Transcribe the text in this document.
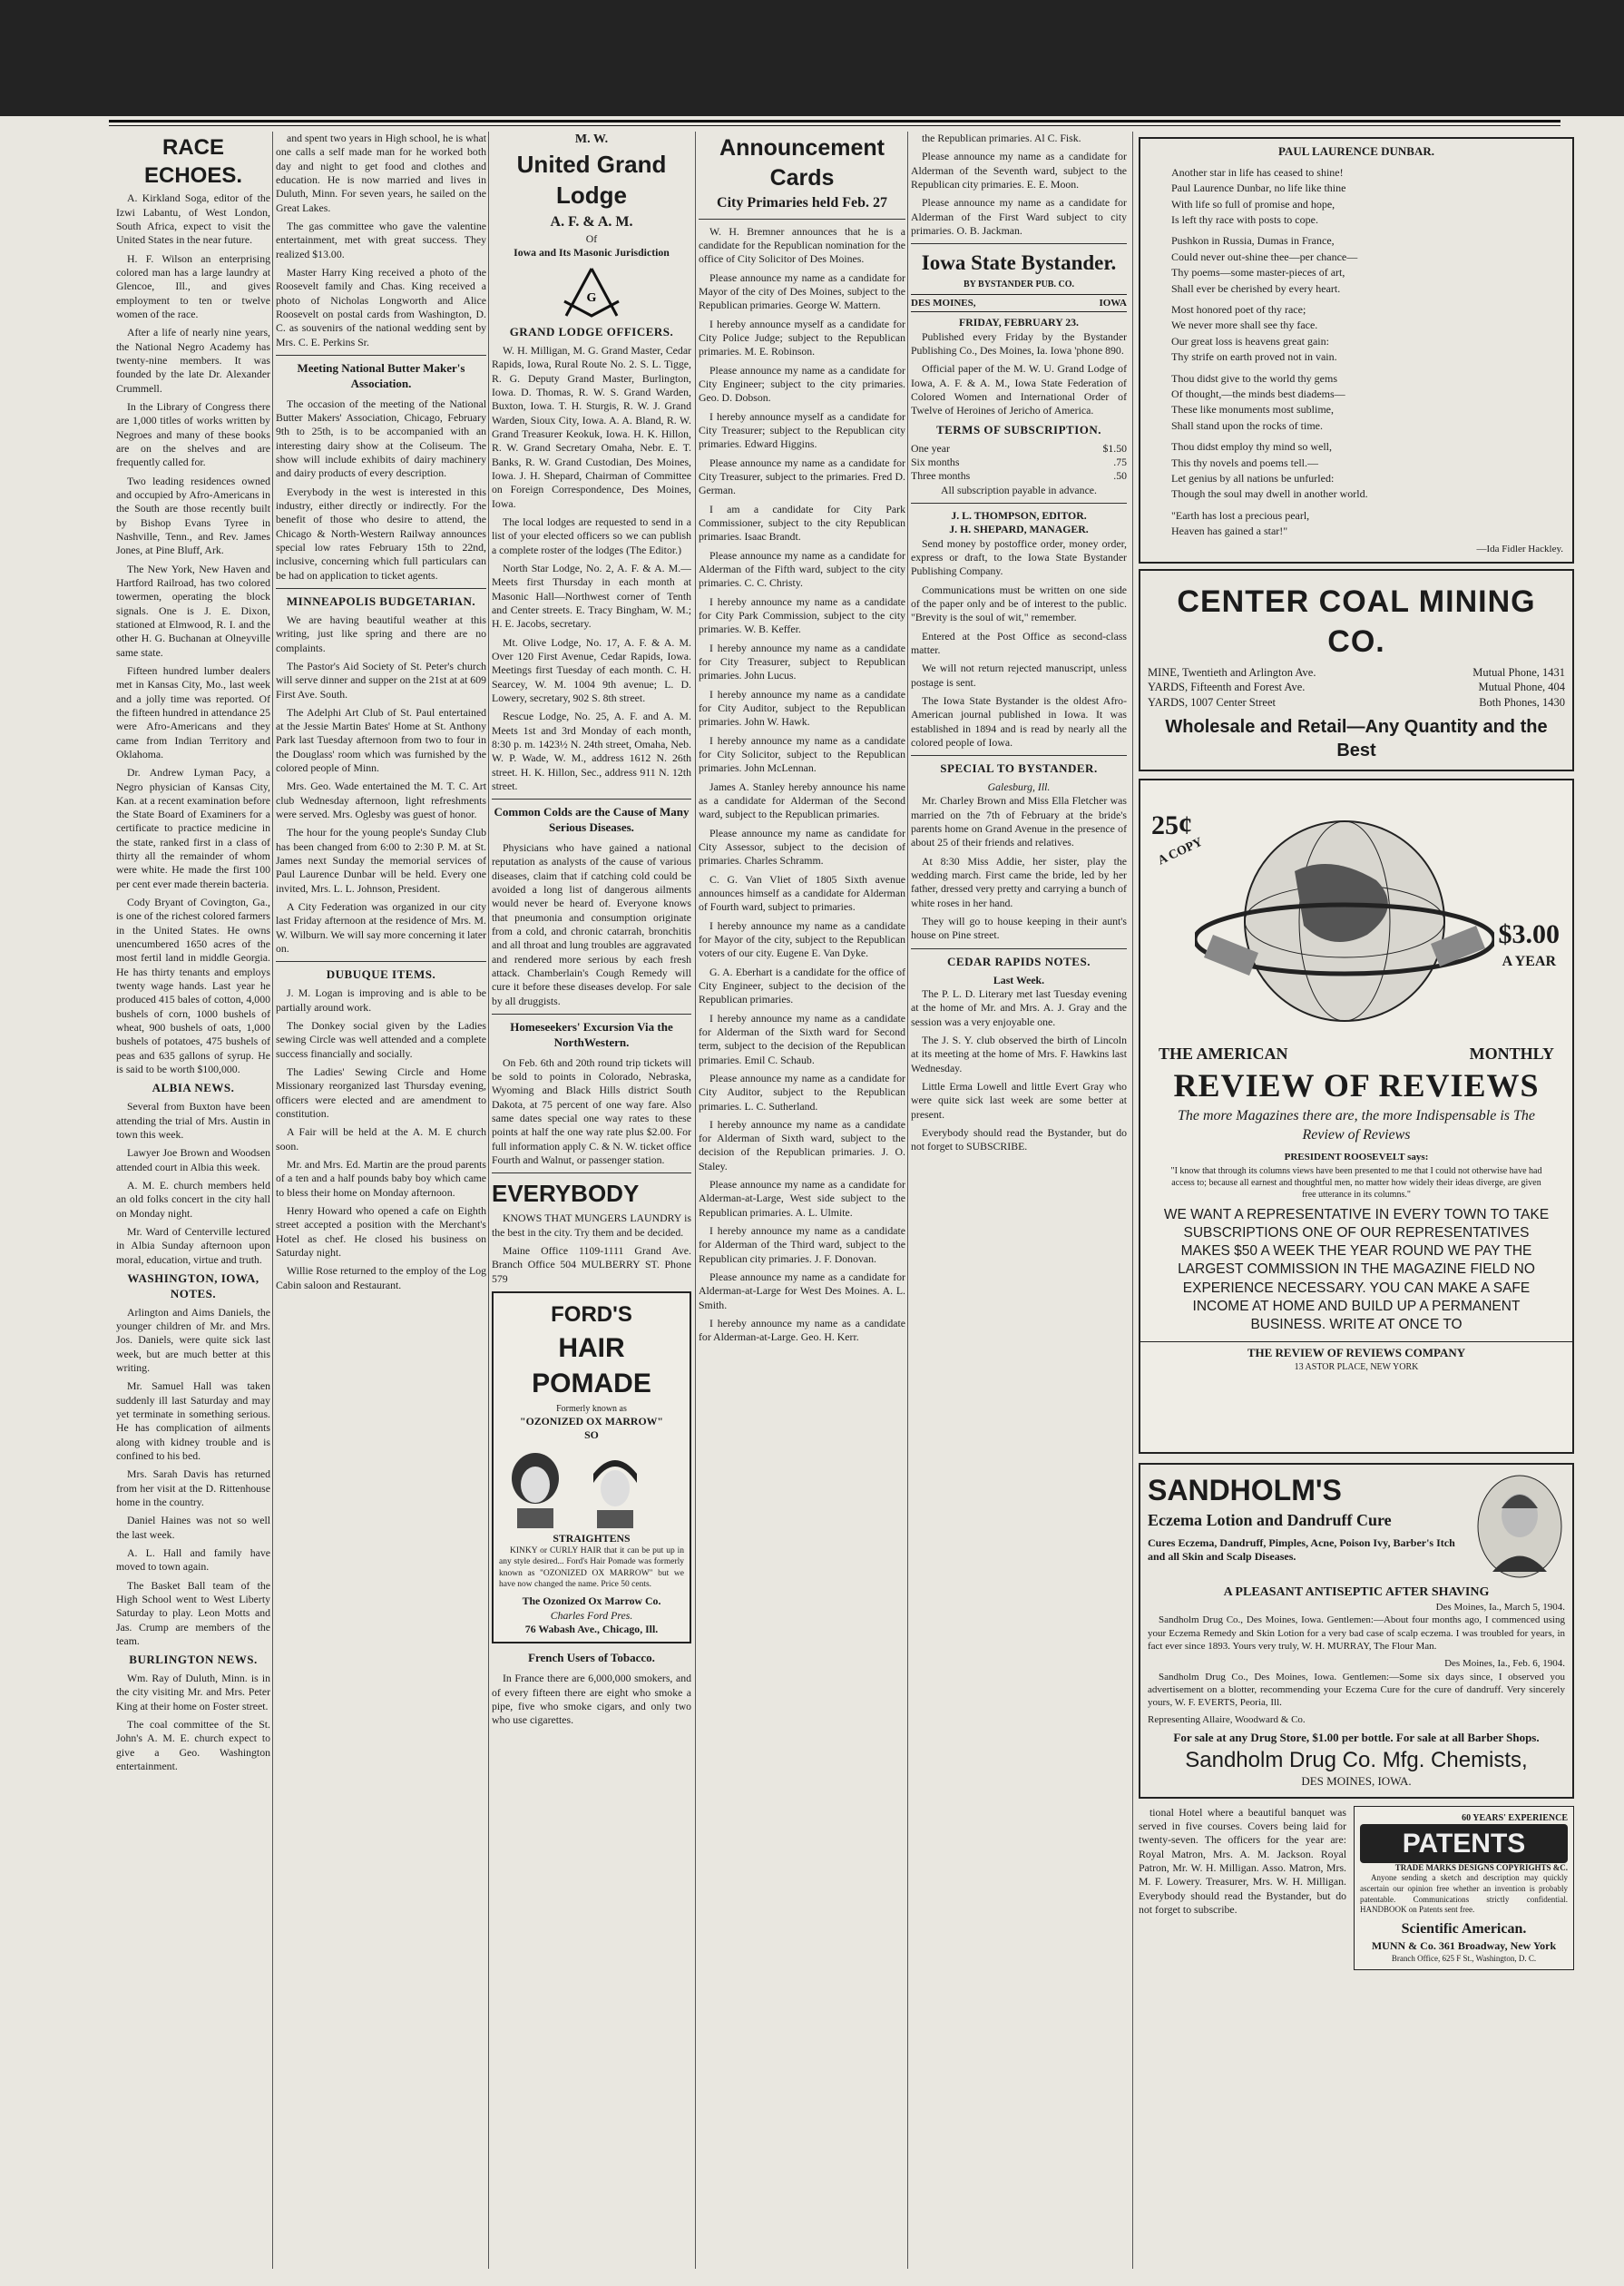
RACE ECHOES.

A. Kirkland Soga, editor of the Izwi Labantu, of West London, South Africa, expect to visit the United States in the near future.

H. F. Wilson an enterprising colored man has a large laundry at Glencoe, Ill., and gives employment to ten or twelve women of the race.

After a life of nearly nine years, the National Negro Academy has twenty-nine members. It was founded by the late Dr. Alexander Crummell.

In the Library of Congress there are 1,000 titles of works written by Negroes and many of these books are on the shelves and are frequently called for.

Two leading residences owned and occupied by Afro-Americans in the South are those recently built by Bishop Evans Tyree in Nashville, Tenn., and Rev. James Jones, at Pine Bluff, Ark.

The New York, New Haven and Hartford Railroad, has two colored towermen, operating the block signals. One is J. E. Dixon, stationed at Elmwood, R. I. and the other H. G. Buchanan at Olneyville same state.

Fifteen hundred lumber dealers met in Kansas City, Mo., last week and a jolly time was reported. Of the fifteen hundred in attendance 25 were Afro-Americans and they came from Indian Territory and Oklahoma.

Dr. Andrew Lyman Pacy, a Negro physician of Kansas City, Kan. at a recent examination before the State Board of Examiners for a certificate to practice medicine in the state, ranked first in a class of thirty all the remainder of whom were white. He made the first 100 per cent ever made therein bacteria.

Cody Bryant of Covington, Ga., is one of the richest colored farmers in the United States. He owns unencumbered 1650 acres of the most fertil land in middle Georgia. He has thirty tenants and employs twenty wage hands. Last year he produced 415 bales of cotton, 4,000 bushels of corn, 1000 bushels of wheat, 900 bushels of oats, 1,000 bushels of potatoes, 475 bushels of peas and 635 gallons of syrup. He is said to be worth $100,000.

ALBIA NEWS.

Several from Buxton have been attending the trial of Mrs. Austin in town this week.

Lawyer Joe Brown and Woodsen attended court in Albia this week.

A. M. E. church members held an old folks concert in the city hall on Monday night.

Mr. Ward of Centerville lectured in Albia Sunday afternoon upon moral, education, virtue and truth.

WASHINGTON, IOWA, NOTES.

Arlington and Aims Daniels, the younger children of Mr. and Mrs. Jos. Daniels, were quite sick last week, but are much better at this writing.

Mr. Samuel Hall was taken suddenly ill last Saturday and may yet terminate in something serious. He has complication of ailments along with kidney trouble and is confined to his bed.

Mrs. Sarah Davis has returned from her visit at the D. Rittenhouse home in the country.

Daniel Haines was not so well the last week.

A. L. Hall and family have moved to town again.

The Basket Ball team of the High School went to West Liberty Saturday to play. Leon Motts and Jas. Crump are members of the team.

BURLINGTON NEWS.

Wm. Ray of Duluth, Minn. is in the city visiting Mr. and Mrs. Peter King at their home on Foster street.

The coal committee of the St. John's A. M. E. church expect to give a Geo. Washington entertainment.

and spent two years in High school, he is what one calls a self made man for he worked both day and night to get food and clothes and education. He is now married and lives in Duluth, Minn. For seven years, he sailed on the Great Lakes.

The gas committee who gave the valentine entertainment, met with great success. They realized $13.00.

Master Harry King received a photo of the Roosevelt family and Chas. King received a photo of Nicholas Longworth and Alice Roosevelt on postal cards from Washington, D. C. as souvenirs of the national wedding sent by Mrs. C. E. Perkins Sr.

Meeting National Butter Maker's Association.

The occasion of the meeting of the National Butter Makers' Association, Chicago, February 9th to 25th, is to be accompanied with an interesting dairy show at the Coliseum. The show will include exhibits of dairy machinery and dairy products of every description.

Everybody in the west is interested in this industry, either directly or indirectly. For the benefit of those who desire to attend, the Chicago & North-Western Railway announces special low rates February 15th to 22nd, inclusive, concerning which full particulars can be had on application to ticket agents.

MINNEAPOLIS BUDGETARIAN.

We are having beautiful weather at this writing, just like spring and there are no complaints.

The Pastor's Aid Society of St. Peter's church will serve dinner and supper on the 21st at at 609 First Ave. South.

The Adelphi Art Club of St. Paul entertained at the Jessie Martin Bates' Home at St. Anthony Park last Tuesday afternoon from two to four in the Douglass' room which was furnished by the colored people of Minn.

Mrs. Geo. Wade entertained the M. T. C. Art club Wednesday afternoon, light refreshments were served. Mrs. Oglesby was guest of honor.

The hour for the young people's Sunday Club has been changed from 6:00 to 2:30 P. M. at St. James next Sunday the memorial services of Paul Laurence Dunbar will be held. Every one invited, Mrs. L. L. Johnson, President.

A City Federation was organized in our city last Friday afternoon at the residence of Mrs. M. W. Wilburn. We will say more concerning it later on.

DUBUQUE ITEMS.

J. M. Logan is improving and is able to be partially around work.

The Donkey social given by the Ladies sewing Circle was well attended and a complete success financially and socially.

The Ladies' Sewing Circle and Home Missionary reorganized last Thursday evening, officers were elected and are amendment to constitution.

A Fair will be held at the A. M. E church soon.

Mr. and Mrs. Ed. Martin are the proud parents of a ten and a half pounds baby boy which came to bless their home on Monday afternoon.

Henry Howard who opened a cafe on Eighth street accepted a position with the Merchant's Hotel as chef. He closed his business on Saturday night.

Willie Rose returned to the employ of the Log Cabin saloon and Restaurant.

M. W.
United Grand Lodge
A. F. & A. M.
Of
Iowa and Its Masonic Jurisdiction
G
GRAND LODGE OFFICERS.

W. H. Milligan, M. G. Grand Master, Cedar Rapids, Iowa, Rural Route No. 2. S. L. Tigge, R. G. Deputy Grand Master, Burlington, Iowa. D. Thomas, R. W. S. Grand Warden, Buxton, Iowa. T. H. Sturgis, R. W. J. Grand Warden, Sioux City, Iowa. A. A. Bland, R. W. Grand Treasurer Keokuk, Iowa. H. K. Hillon, R. W. Grand Secretary Omaha, Nebr. E. T. Banks, R. W. Grand Custodian, Des Moines, Iowa. J. H. Shepard, Chairman of Committee on Foreign Correspondence, Des Moines, Iowa.

The local lodges are requested to send in a list of your elected officers so we can publish a complete roster of the lodges (The Editor.)

North Star Lodge, No. 2, A. F. & A. M.—Meets first Thursday in each month at Masonic Hall—Northwest corner of Tenth and Center streets. E. Tracy Bingham, W. M.; H. E. Jacobs, secretary.

Mt. Olive Lodge, No. 17, A. F. & A. M. Over 120 First Avenue, Cedar Rapids, Iowa. Meetings first Tuesday of each month. C. H. Searcey, W. M. 1004 9th avenue; L. D. Lowery, secretary, 902 S. 8th street.

Rescue Lodge, No. 25, A. F. and A. M. Meets 1st and 3rd Monday of each month, 8:30 p. m. 1423½ N. 24th street, Omaha, Neb. W. P. Wade, W. M., address 1612 N. 26th street. H. K. Hillon, Sec., address 911 N. 12th street.

Common Colds are the Cause of Many Serious Diseases.

Physicians who have gained a national reputation as analysts of the cause of various diseases, claim that if catching cold could be avoided a long list of dangerous ailments would never be heard of. Everyone knows that pneumonia and consumption originate from a cold, and chronic catarrah, bronchitis and all throat and lung troubles are aggravated and rendered more serious by each fresh attack. Chamberlain's Cough Remedy will cure it before these diseases develop. For sale by all druggists.

Homeseekers' Excursion Via the NorthWestern.

On Feb. 6th and 20th round trip tickets will be sold to points in Colorado, Nebraska, Wyoming and Black Hills district South Dakota, at 75 percent of one way fare. Also same dates special one way rates to these points at half the one way rate plus $2.00. For full information apply C. & N. W. ticket office Fourth and Walnut, or passenger station.

EVERYBODY

KNOWS THAT MUNGERS LAUNDRY is the best in the city. Try them and be decided.

Maine Office 1109-1111 Grand Ave. Branch Office 504 MULBERRY ST. Phone 579

FORD'S
HAIR POMADE
Formerly known as
"OZONIZED OX MARROW"
SO
STRAIGHTENS

KINKY or CURLY HAIR that it can be put up in any style desired... Ford's Hair Pomade was formerly known as "OZONIZED OX MARROW" but we have now changed the name. Price 50 cents.

The Ozonized Ox Marrow Co.
Charles Ford Pres.
76 Wabash Ave., Chicago, Ill.
French Users of Tobacco.

In France there are 6,000,000 smokers, and of every fifteen there are eight who smoke a pipe, five who smoke cigars, and only two who use cigarettes.

Announcement Cards
City Primaries held Feb. 27

W. H. Bremner announces that he is a candidate for the Republican nomination for the office of City Solicitor of Des Moines.

Please announce my name as a candidate for Mayor of the city of Des Moines, subject to the Republican primaries. George W. Mattern.

I hereby announce myself as a candidate for City Police Judge; subject to the Republican primaries. M. E. Robinson.

Please announce my name as a candidate for City Engineer; subject to the city primaries. Geo. D. Dobson.

I hereby announce myself as a candidate for City Treasurer; subject to the Republican city primaries. Edward Higgins.

Please announce my name as a candidate for City Treasurer, subject to the primaries. Fred D. German.

I am a candidate for City Park Commissioner, subject to the city Republican primaries. Isaac Brandt.

Please announce my name as a candidate for Alderman of the Fifth ward, subject to the city primaries. C. C. Christy.

I hereby announce my name as a candidate for City Park Commission, subject to the city primaries. W. B. Keffer.

I hereby announce my name as a candidate for City Treasurer, subject to Republican primaries. John Lucus.

I hereby announce my name as a candidate for City Auditor, subject to the Republican primaries. John W. Hawk.

I hereby announce my name as a candidate for City Solicitor, subject to the Republican primaries. John McLennan.

James A. Stanley hereby announce his name as a candidate for Alderman of the Second ward, subject to the Republican primaries.

Please announce my name as candidate for City Assessor, subject to the decision of primaries. Charles Schramm.

C. G. Van Vliet of 1805 Sixth avenue announces himself as a candidate for Alderman of Fourth ward, subject to primaries.

I hereby announce my name as a candidate for Mayor of the city, subject to the Republican voters of our city. Eugene E. Van Dyke.

G. A. Eberhart is a candidate for the office of City Engineer, subject to the decision of the Republican primaries.

I hereby announce my name as a candidate for Alderman of the Sixth ward for Second term, subject to the decision of the Republican primaries. Emil C. Schaub.

Please announce my name as a candidate for City Auditor, subject to the Republican primaries. L. C. Sutherland.

I hereby announce my name as a candidate for Alderman of Sixth ward, subject to the decision of the Republican primaries. J. O. Staley.

Please announce my name as a candidate for Alderman-at-Large, West side subject to the Republican primaries. A. L. Ulmite.

I hereby announce my name as a candidate for Alderman of the Third ward, subject to the Republican city primaries. J. F. Donovan.

Please announce my name as a candidate for Alderman-at-Large for West Des Moines. A. L. Smith.

I hereby announce my name as a candidate for Alderman-at-Large. Geo. H. Kerr.

the Republican primaries. Al C. Fisk.

Please announce my name as a candidate for Alderman of the Seventh ward, subject to the Republican city primaries. E. E. Moon.

Please announce my name as a candidate for Alderman of the First Ward subject to city primaries. O. B. Jackman.

Iowa State Bystander.
BY BYSTANDER PUB. CO.
DES MOINES,	IOWA
FRIDAY, FEBRUARY 23.

Published every Friday by the Bystander Publishing Co., Des Moines, Ia. Iowa 'phone 890.

Official paper of the M. W. U. Grand Lodge of Iowa, A. F. & A. M., Iowa State Federation of Colored Women and International Order of Twelve of Heroines of Jericho of America.

TERMS OF SUBSCRIPTION.
One year	$1.50
Six months	.75
Three months	.50
All subscription payable in advance.
J. L. THOMPSON, EDITOR.
J. H. SHEPARD, MANAGER.

Send money by postoffice order, money order, express or draft, to the Iowa State Bystander Publishing Company.

Communications must be written on one side of the paper only and be of interest to the public. "Brevity is the soul of wit," remember.

Entered at the Post Office as second-class matter.

We will not return rejected manuscript, unless postage is sent.

The Iowa State Bystander is the oldest Afro-American journal published in Iowa. It was established in 1894 and is read by nearly all the colored people of Iowa.

SPECIAL TO BYSTANDER.
Galesburg, Ill.

Mr. Charley Brown and Miss Ella Fletcher was married on the 7th of February at the bride's parents home on Grand Avenue in the presence of about 25 of their friends and relatives.

At 8:30 Miss Addie, her sister, play the wedding march. First came the bride, led by her father, dressed very pretty and carrying a bunch of white roses in her hand.

They will go to house keeping in their aunt's house on Pine street.

CEDAR RAPIDS NOTES.
Last Week.

The P. L. D. Literary met last Tuesday evening at the home of Mr. and Mrs. A. J. Gray and the session was a very enjoyable one.

The J. S. Y. club observed the birth of Lincoln at its meeting at the home of Mrs. F. Hawkins last Wednesday.

Little Erma Lowell and little Evert Gray who were quite sick last week are some better at present.

Everybody should read the Bystander, but do not forget to SUBSCRIBE.

PAUL LAURENCE DUNBAR.
Another star in life has ceased to shine!
Paul Laurence Dunbar, no life like thine
With life so full of promise and hope,
Is left thy race with posts to cope.
Pushkon in Russia, Dumas in France,
Could never out-shine thee—per chance—
Thy poems—some master-pieces of art,
Shall ever be cherished by every heart.
Most honored poet of thy race;
We never more shall see thy face.
Our great loss is heavens great gain:
Thy strife on earth proved not in vain.
Thou didst give to the world thy gems
Of thought,—the minds best diadems—
These like monuments most sublime,
Shall stand upon the rocks of time.
Thou didst employ thy mind so well,
This thy novels and poems tell.—
Let genius by all nations be unfurled:
Though the soul may dwell in another world.
"Earth has lost a precious pearl,
Heaven has gained a star!"
—Ida Fidler Hackley.
CENTER COAL MINING CO.
MINE, Twentieth and Arlington Ave.	Mutual Phone, 1431
YARDS, Fifteenth and Forest Ave.	Mutual Phone, 404
YARDS, 1007 Center Street	Both Phones, 1430
Wholesale and Retail—Any Quantity and the Best
25¢
A COPY
$3.00
A YEAR
THE AMERICAN	MONTHLY
REVIEW OF REVIEWS
The more Magazines there are, the more Indispensable is The Review of Reviews
PRESIDENT ROOSEVELT says:
"I know that through its columns views have been presented to me that I could not otherwise have had access to; because all earnest and thoughtful men, no matter how widely their ideas diverge, are given free utterance in its columns."
WE WANT A REPRESENTATIVE IN EVERY TOWN TO TAKE SUBSCRIPTIONS ONE OF OUR REPRESENTATIVES MAKES $50 A WEEK THE YEAR ROUND WE PAY THE LARGEST COMMISSION IN THE MAGAZINE FIELD NO EXPERIENCE NECESSARY. YOU CAN MAKE A SAFE INCOME AT HOME AND BUILD UP A PERMANENT BUSINESS. WRITE AT ONCE TO
THE REVIEW OF REVIEWS COMPANY
13 ASTOR PLACE, NEW YORK
SANDHOLM'S
Eczema Lotion and Dandruff Cure
Cures Eczema, Dandruff, Pimples, Acne, Poison Ivy, Barber's Itch and all Skin and Scalp Diseases.
A PLEASANT ANTISEPTIC AFTER SHAVING
Des Moines, Ia., March 5, 1904.

Sandholm Drug Co., Des Moines, Iowa. Gentlemen:—About four months ago, I commenced using your Eczema Remedy and Skin Lotion for a very bad case of scalp eczema. I was troubled for years, in fact ever since 1893. Yours very truly, W. H. MURRAY, The Flour Man.

Des Moines, Ia., Feb. 6, 1904.

Sandholm Drug Co., Des Moines, Iowa. Gentlemen:—Some six days since, I observed you advertisement on a blotter, recommending your Eczema Cure for the cure of dandruff. Very sincerely yours, W. F. EVERTS, Peoria, Ill.

Representing Allaire, Woodward & Co.
For sale at any Drug Store, $1.00 per bottle. For sale at all Barber Shops.
Sandholm Drug Co. Mfg. Chemists,
DES MOINES, IOWA.

tional Hotel where a beautiful banquet was served in five courses. Covers being laid for twenty-seven. The officers for the year are: Royal Matron, Mrs. A. M. Jackson. Royal Patron, Mr. W. H. Milligan. Asso. Matron, Mrs. M. F. Lowery. Treasurer, Mrs. W. H. Milligan. Everybody should read the Bystander, but do not forget to subscribe.

60 YEARS' EXPERIENCE
PATENTS
TRADE MARKS DESIGNS COPYRIGHTS &C.

Anyone sending a sketch and description may quickly ascertain our opinion free whether an invention is probably patentable. Communications strictly confidential. HANDBOOK on Patents sent free.

Scientific American.
MUNN & Co. 361 Broadway, New York
Branch Office, 625 F St., Washington, D. C.
